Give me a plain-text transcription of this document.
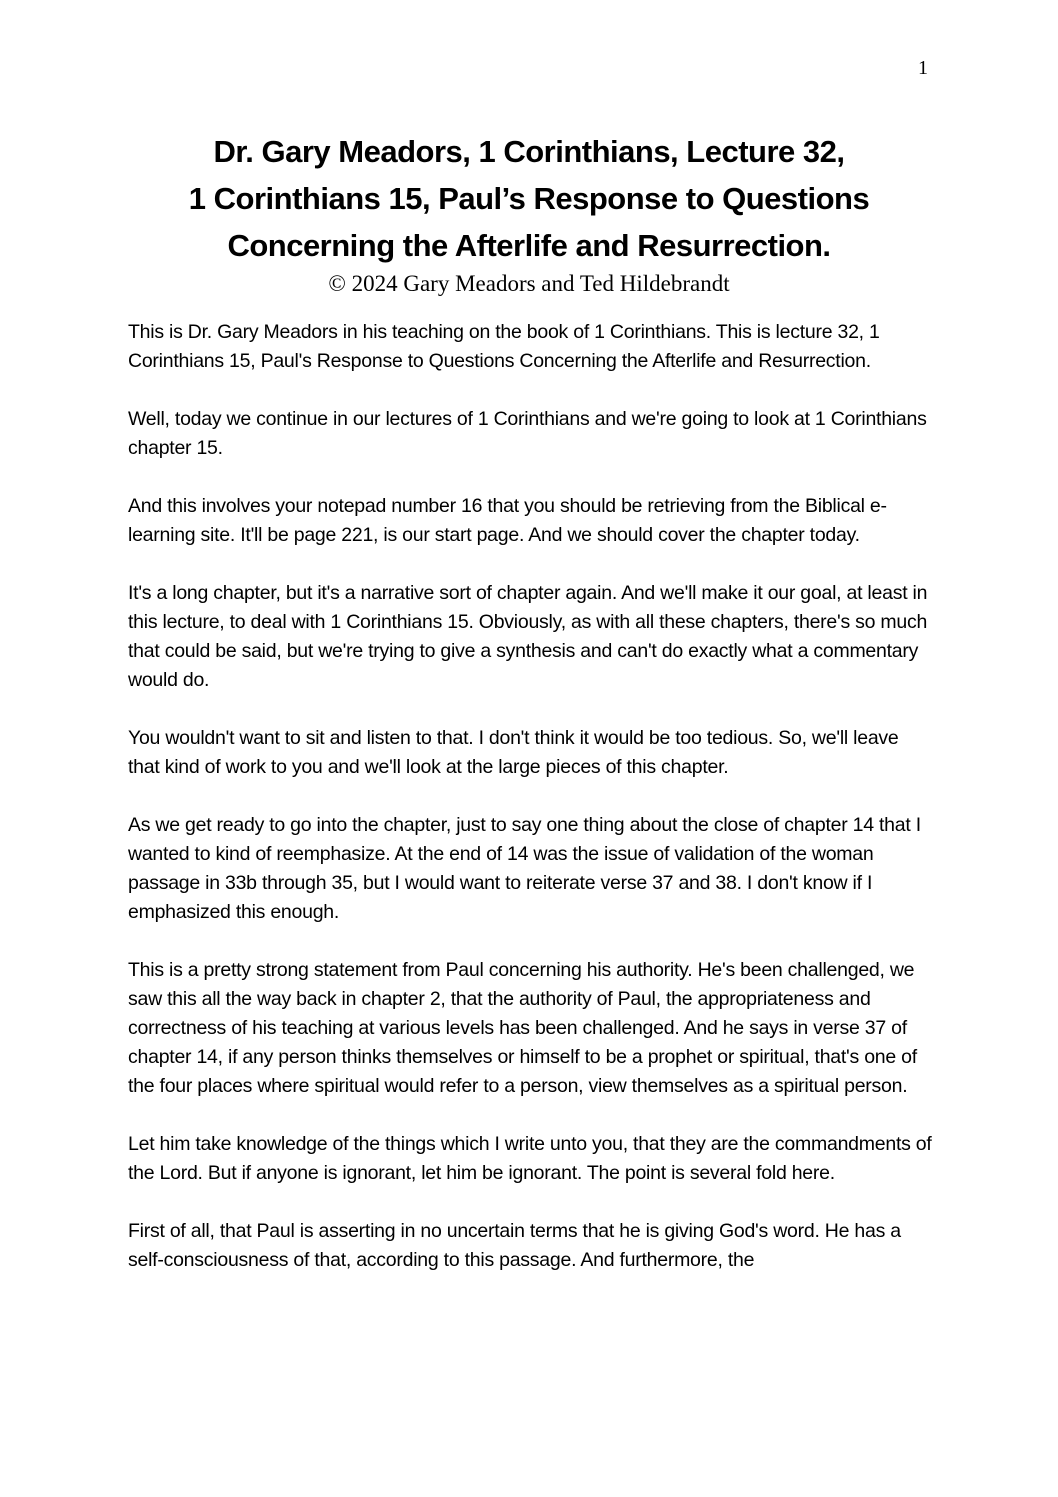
1
Dr. Gary Meadors, 1 Corinthians, Lecture 32,
1 Corinthians 15, Paul’s Response to Questions
Concerning the Afterlife and Resurrection.
© 2024 Gary Meadors and Ted Hildebrandt

This is Dr. Gary Meadors in his teaching on the book of 1 Corinthians. This is lecture 32, 1 Corinthians 15, Paul's Response to Questions Concerning the Afterlife and Resurrection.

Well, today we continue in our lectures of 1 Corinthians and we're going to look at 1 Corinthians chapter 15.

And this involves your notepad number 16 that you should be retrieving from the Biblical e-learning site. It'll be page 221, is our start page. And we should cover the chapter today.

It's a long chapter, but it's a narrative sort of chapter again. And we'll make it our goal, at least in this lecture, to deal with 1 Corinthians 15. Obviously, as with all these chapters, there's so much that could be said, but we're trying to give a synthesis and can't do exactly what a commentary would do.

You wouldn't want to sit and listen to that. I don't think it would be too tedious. So, we'll leave that kind of work to you and we'll look at the large pieces of this chapter.

As we get ready to go into the chapter, just to say one thing about the close of chapter 14 that I wanted to kind of reemphasize. At the end of 14 was the issue of validation of the woman passage in 33b through 35, but I would want to reiterate verse 37 and 38. I don't know if I emphasized this enough.

This is a pretty strong statement from Paul concerning his authority. He's been challenged, we saw this all the way back in chapter 2, that the authority of Paul, the appropriateness and correctness of his teaching at various levels has been challenged. And he says in verse 37 of chapter 14, if any person thinks themselves or himself to be a prophet or spiritual, that's one of the four places where spiritual would refer to a person, view themselves as a spiritual person.

Let him take knowledge of the things which I write unto you, that they are the commandments of the Lord. But if anyone is ignorant, let him be ignorant. The point is several fold here.

First of all, that Paul is asserting in no uncertain terms that he is giving God's word. He has a self-consciousness of that, according to this passage. And furthermore, the
